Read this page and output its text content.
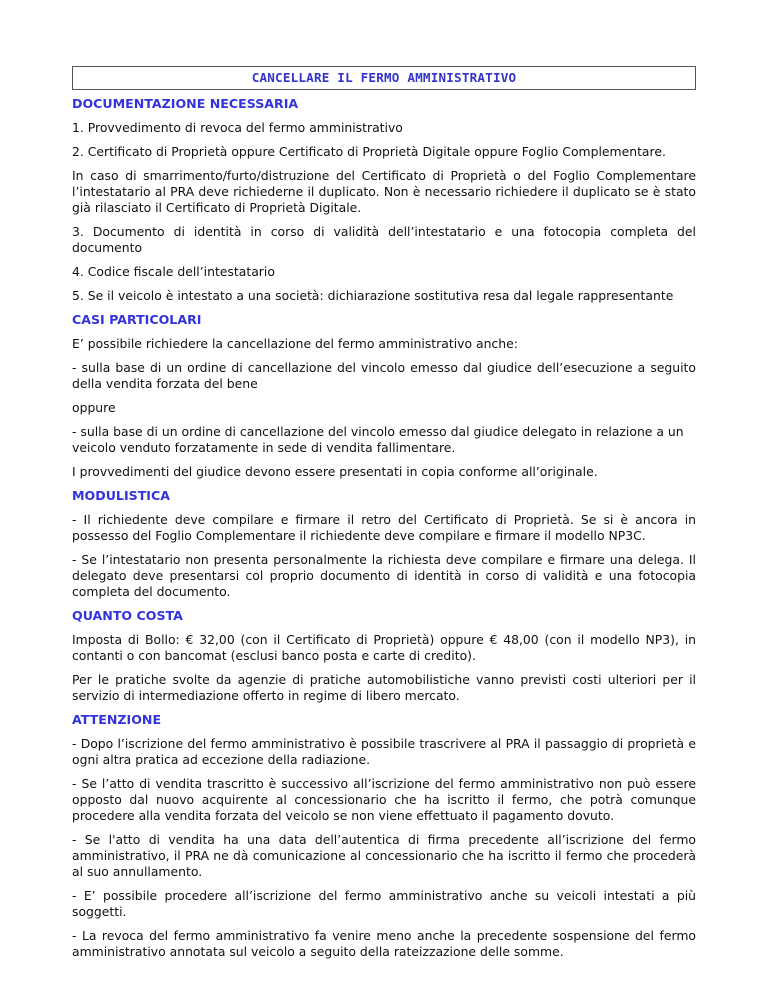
CANCELLARE IL FERMO AMMINISTRATIVO
DOCUMENTAZIONE NECESSARIA

1. Provvedimento di revoca del fermo amministrativo

2. Certificato di Proprietà oppure Certificato di Proprietà Digitale oppure Foglio Complementare.

In caso di smarrimento/furto/distruzione del Certificato di Proprietà o del Foglio Complementare l’intestatario al PRA deve richiederne il duplicato. Non è necessario richiedere il duplicato se è stato già rilasciato il Certificato di Proprietà Digitale.

3. Documento di identità in corso di validità dell’intestatario e una fotocopia completa del documento

4. Codice fiscale dell’intestatario

5. Se il veicolo è intestato a una società: dichiarazione sostitutiva resa dal legale rappresentante

CASI PARTICOLARI

E’ possibile richiedere la cancellazione del fermo amministrativo anche:

- sulla base di un ordine di cancellazione del vincolo emesso dal giudice dell’esecuzione a seguito della vendita forzata del bene

oppure

- sulla base di un ordine di cancellazione del vincolo emesso dal giudice delegato in relazione a un veicolo venduto forzatamente in sede di vendita fallimentare.

I provvedimenti del giudice devono essere presentati in copia conforme all’originale.

MODULISTICA

- Il richiedente deve compilare e firmare il retro del Certificato di Proprietà. Se si è ancora in possesso del Foglio Complementare il richiedente deve compilare e firmare il modello NP3C.

- Se l’intestatario non presenta personalmente la richiesta deve compilare e firmare una delega. Il delegato deve presentarsi col proprio documento di identità in corso di validità e una fotocopia completa del documento.

QUANTO COSTA

Imposta di Bollo: € 32,00 (con il Certificato di Proprietà) oppure € 48,00 (con il modello NP3), in contanti o con bancomat (esclusi banco posta e carte di credito).

Per le pratiche svolte da agenzie di pratiche automobilistiche vanno previsti costi ulteriori per il servizio di intermediazione offerto in regime di libero mercato.

ATTENZIONE

- Dopo l’iscrizione del fermo amministrativo è possibile trascrivere al PRA il passaggio di proprietà e ogni altra pratica ad eccezione della radiazione.

- Se l’atto di vendita trascritto è successivo all’iscrizione del fermo amministrativo non può essere opposto dal nuovo acquirente al concessionario che ha iscritto il fermo, che potrà comunque procedere alla vendita forzata del veicolo se non viene effettuato il pagamento dovuto.

- Se l'atto di vendita ha una data dell’autentica di firma precedente all’iscrizione del fermo amministrativo, il PRA ne dà comunicazione al concessionario che ha iscritto il fermo che procederà al suo annullamento.

- E’ possibile procedere all’iscrizione del fermo amministrativo anche su veicoli intestati a più soggetti.

- La revoca del fermo amministrativo fa venire meno anche la precedente sospensione del fermo amministrativo annotata sul veicolo a seguito della rateizzazione delle somme.
